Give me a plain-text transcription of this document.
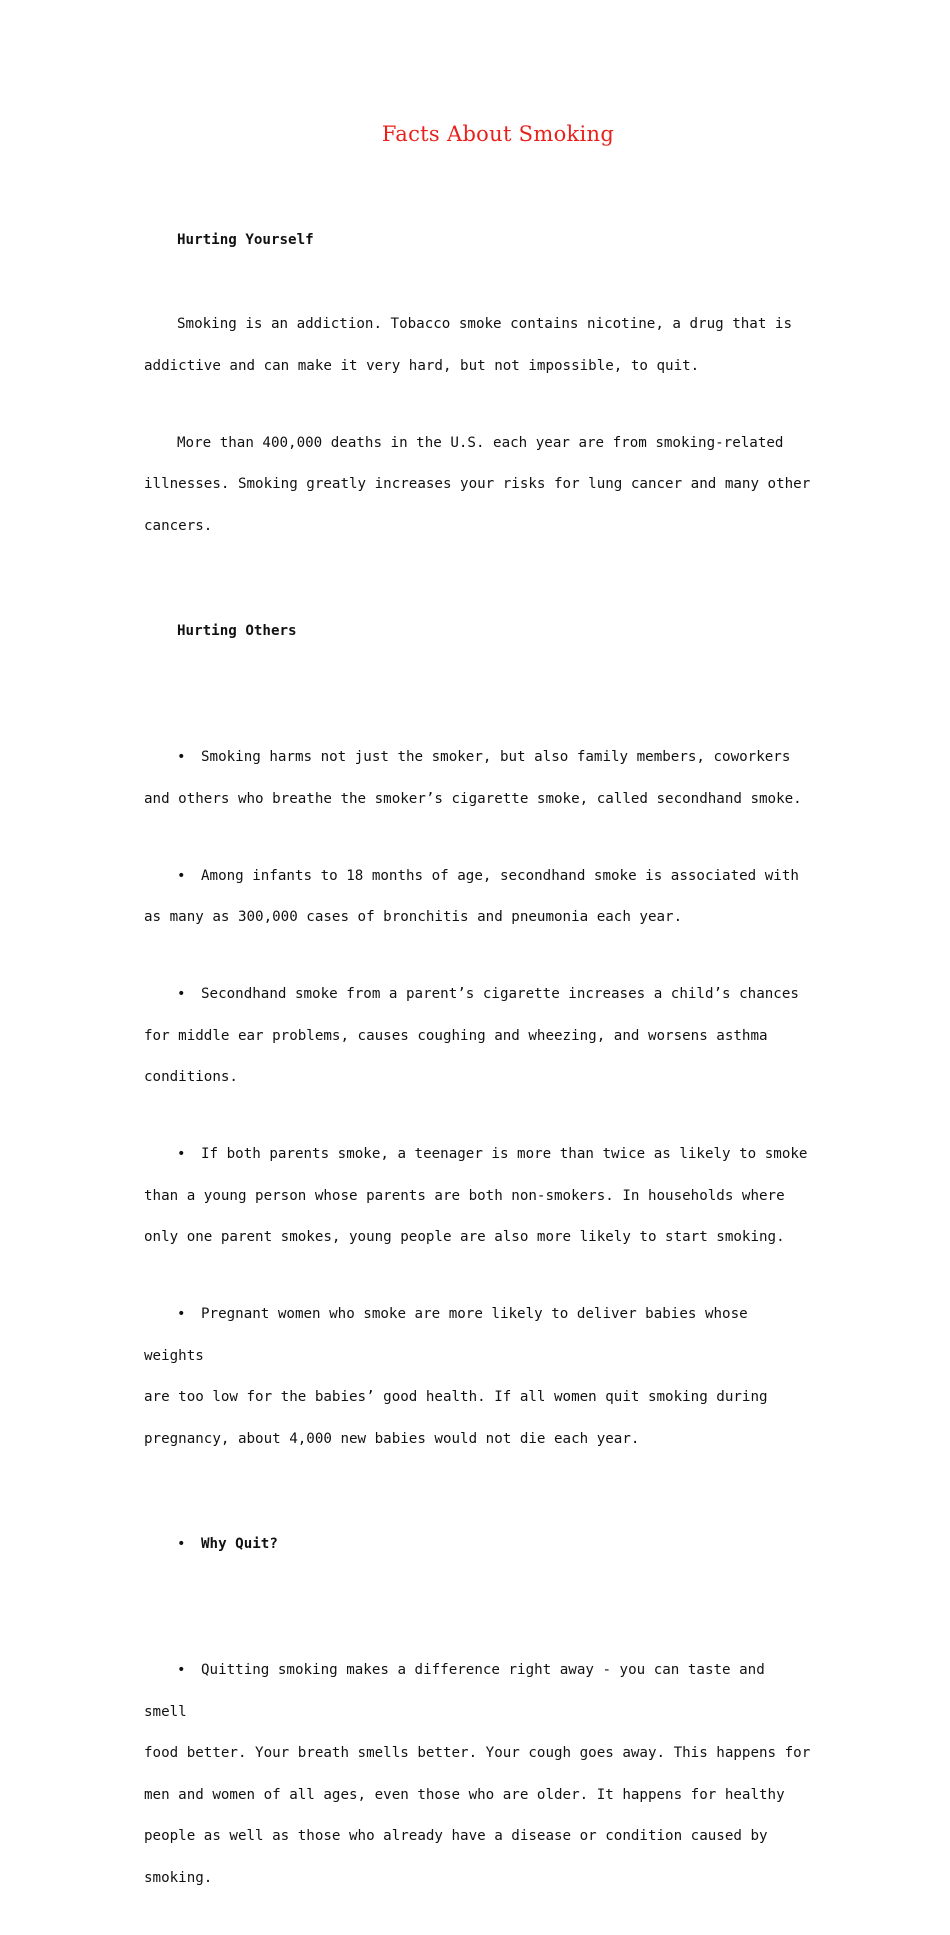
Facts About Smoking

Hurting Yourself

Smoking is an addiction. Tobacco smoke contains nicotine, a drug that is
addictive and can make it very hard, but not impossible, to quit.

More than 400,000 deaths in the U.S. each year are from smoking-related
illnesses. Smoking greatly increases your risks for lung cancer and many other
cancers.

Hurting Others

• Smoking harms not just the smoker, but also family members, coworkers
and others who breathe the smoker’s cigarette smoke, called secondhand smoke.

• Among infants to 18 months of age, secondhand smoke is associated with
as many as 300,000 cases of bronchitis and pneumonia each year.

• Secondhand smoke from a parent’s cigarette increases a child’s chances
for middle ear problems, causes coughing and wheezing, and worsens asthma
conditions.

• If both parents smoke, a teenager is more than twice as likely to smoke
than a young person whose parents are both non-smokers. In households where
only one parent smokes, young people are also more likely to start smoking.

• Pregnant women who smoke are more likely to deliver babies whose weights
are too low for the babies’ good health. If all women quit smoking during
pregnancy, about 4,000 new babies would not die each year.

• Why Quit?

• Quitting smoking makes a difference right away - you can taste and smell
food better. Your breath smells better. Your cough goes away. This happens for
men and women of all ages, even those who are older. It happens for healthy
people as well as those who already have a disease or condition caused by
smoking.
